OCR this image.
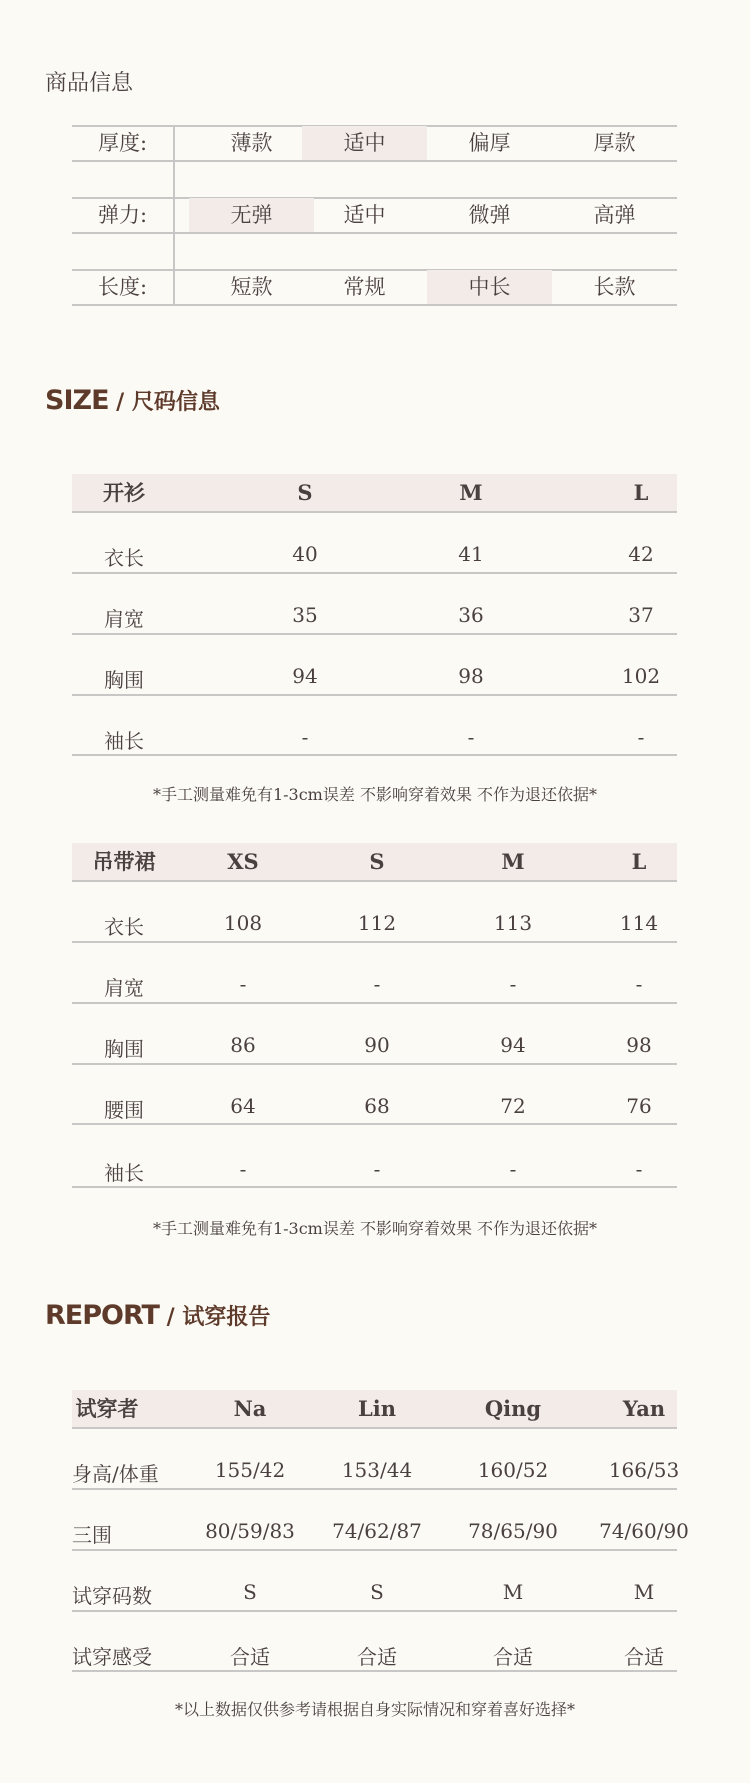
商品信息
厚度:	薄款	适中	偏厚	厚款
弹力:	无弹	适中	微弹	高弹
长度:	短款	常规	中长	长款
SIZE / 尺码信息
开衫	S	M	L
衣长	40	41	42
肩宽	35	36	37
胸围	94	98	102
袖长	-	-	-
*手工测量难免有1-3cm误差 不影响穿着效果 不作为退还依据*
吊带裙	XS	S	M	L
衣长	108	112	113	114
肩宽	-	-	-	-
胸围	86	90	94	98
腰围	64	68	72	76
袖长	-	-	-	-
*手工测量难免有1-3cm误差 不影响穿着效果 不作为退还依据*
REPORT / 试穿报告
试穿者	Na	Lin	Qing	Yan
身高/体重	155/42	153/44	160/52	166/53
三围	80/59/83 74/62/87 78/65/90 74/60/90
试穿码数	S	S	M	M
试穿感受	合适	合适	合适	合适
*以上数据仅供参考请根据自身实际情况和穿着喜好选择*
